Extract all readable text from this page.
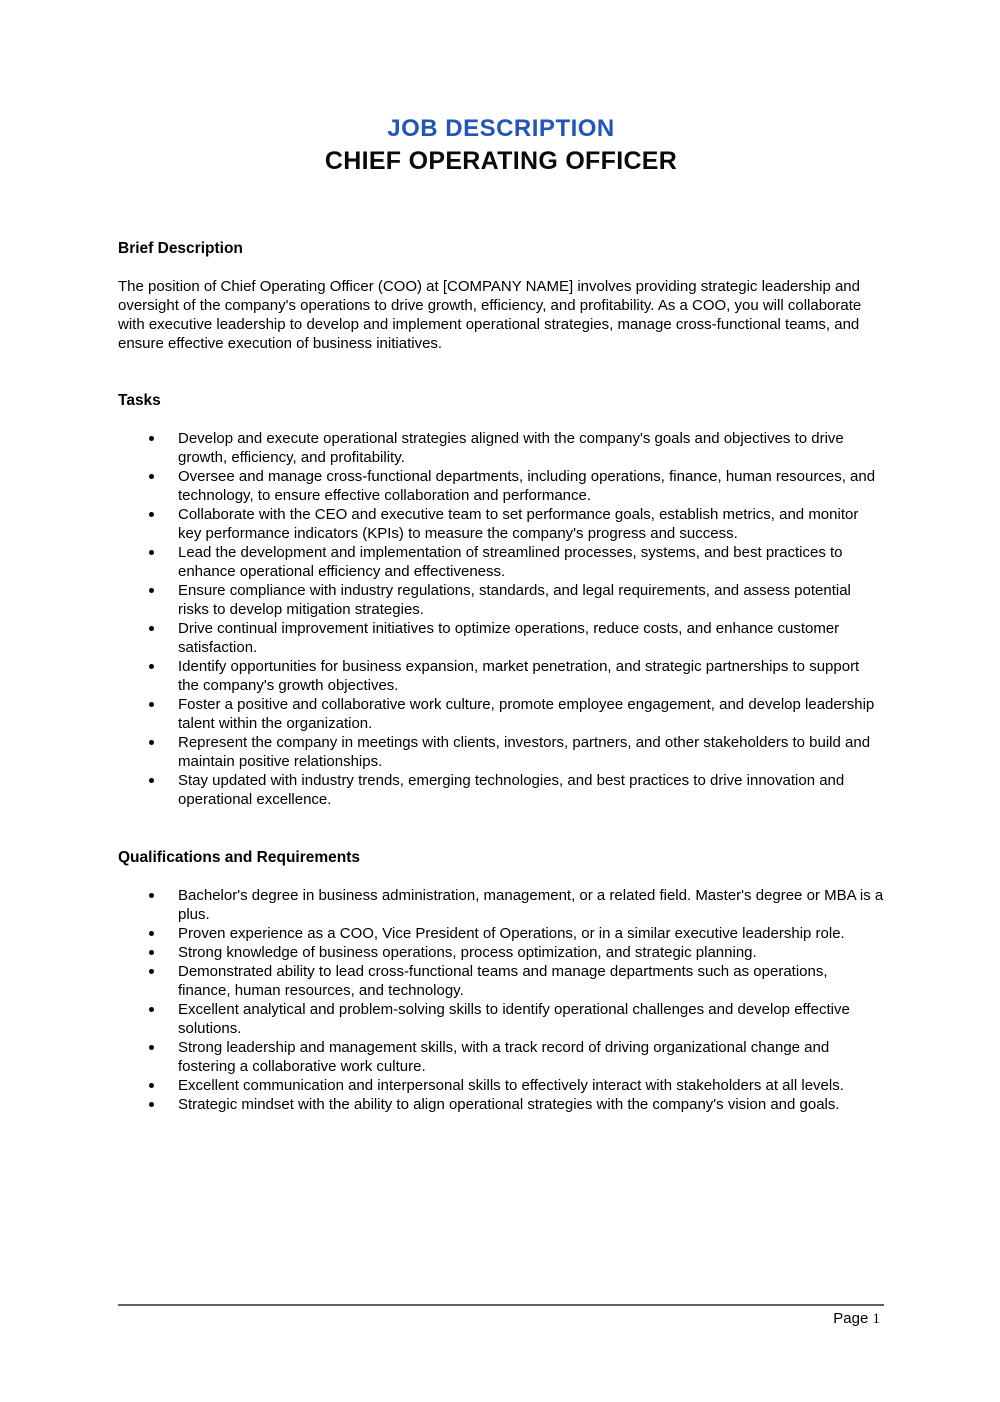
JOB DESCRIPTION
CHIEF OPERATING OFFICER
Brief Description

The position of Chief Operating Officer (COO) at [COMPANY NAME] involves providing strategic leadership and oversight of the company's operations to drive growth, efficiency, and profitability. As a COO, you will collaborate with executive leadership to develop and implement operational strategies, manage cross-functional teams, and ensure effective execution of business initiatives.

Tasks
Develop and execute operational strategies aligned with the company's goals and objectives to drive growth, efficiency, and profitability.
Oversee and manage cross-functional departments, including operations, finance, human resources, and technology, to ensure effective collaboration and performance.
Collaborate with the CEO and executive team to set performance goals, establish metrics, and monitor key performance indicators (KPIs) to measure the company's progress and success.
Lead the development and implementation of streamlined processes, systems, and best practices to enhance operational efficiency and effectiveness.
Ensure compliance with industry regulations, standards, and legal requirements, and assess potential risks to develop mitigation strategies.
Drive continual improvement initiatives to optimize operations, reduce costs, and enhance customer satisfaction.
Identify opportunities for business expansion, market penetration, and strategic partnerships to support the company's growth objectives.
Foster a positive and collaborative work culture, promote employee engagement, and develop leadership talent within the organization.
Represent the company in meetings with clients, investors, partners, and other stakeholders to build and maintain positive relationships.
Stay updated with industry trends, emerging technologies, and best practices to drive innovation and operational excellence.
Qualifications and Requirements
Bachelor's degree in business administration, management, or a related field. Master's degree or MBA is a plus.
Proven experience as a COO, Vice President of Operations, or in a similar executive leadership role.
Strong knowledge of business operations, process optimization, and strategic planning.
Demonstrated ability to lead cross-functional teams and manage departments such as operations, finance, human resources, and technology.
Excellent analytical and problem-solving skills to identify operational challenges and develop effective solutions.
Strong leadership and management skills, with a track record of driving organizational change and fostering a collaborative work culture.
Excellent communication and interpersonal skills to effectively interact with stakeholders at all levels.
Strategic mindset with the ability to align operational strategies with the company's vision and goals.
Page 1
